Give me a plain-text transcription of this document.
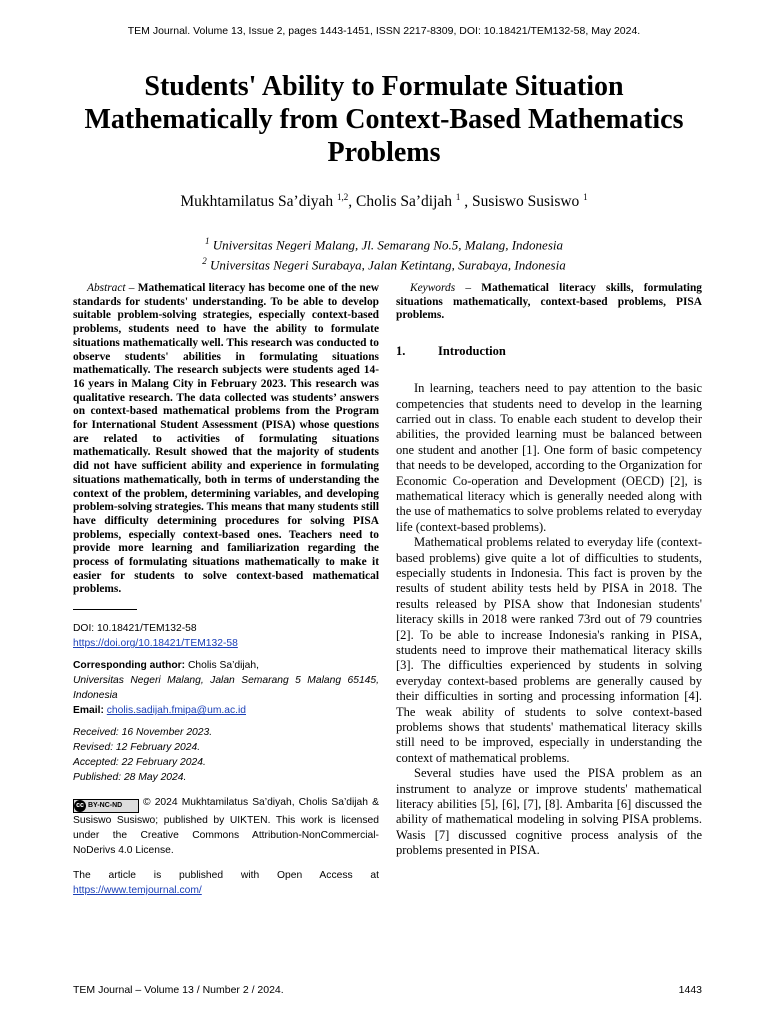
TEM Journal. Volume 13, Issue 2, pages 1443-1451, ISSN 2217-8309, DOI: 10.18421/TEM132-58, May 2024.
Students' Ability to Formulate Situation Mathematically from Context-Based Mathematics Problems
Mukhtamilatus Sa’diyah $^{1,2}$, Cholis Sa’dijah $^1$ , Susiswo Susiswo $^1$
$^1$ Universitas Negeri Malang, Jl. Semarang No.5, Malang, Indonesia
$^2$ Universitas Negeri Surabaya, Jalan Ketintang, Surabaya, Indonesia

Abstract – Mathematical literacy has become one of the new standards for students' understanding. To be able to develop suitable problem-solving strategies, especially context-based problems, students need to have the ability to formulate situations mathematically well. This research was conducted to observe students' abilities in formulating situations mathematically. The research subjects were students aged 14-16 years in Malang City in February 2023. This research was qualitative research. The data collected was students’ answers on context-based mathematical problems from the Program for International Student Assessment (PISA) whose questions are related to activities of formulating situations mathematically. Result showed that the majority of students did not have sufficient ability and experience in formulating situations mathematically, both in terms of understanding the context of the problem, determining variables, and developing problem-solving strategies. This means that many students still have difficulty determining procedures for solving PISA problems, especially context-based ones. Teachers need to provide more learning and familiarization regarding the process of formulating situations mathematically to make it easier for students to solve context-based mathematical problems.

DOI: 10.18421/TEM132-58
https://doi.org/10.18421/TEM132-58
Corresponding author: Cholis Sa’dijah,
Universitas Negeri Malang, Jalan Semarang 5 Malang 65145, Indonesia
Email: cholis.sadijah.fmipa@um.ac.id
Received: 16 November 2023.
Revised: 12 February 2024.
Accepted: 22 February 2024.
Published: 28 May 2024.

cc BY-NC-ND © 2024 Mukhtamilatus Sa’diyah, Cholis Sa’dijah & Susiswo Susiswo; published by UIKTEN. This work is licensed under the Creative Commons Attribution-NonCommercial-NoDerivs 4.0 License.

The article is published with Open Access at https://www.temjournal.com/

Keywords – Mathematical literacy skills, formulating situations mathematically, context-based problems, PISA problems.

1.	Introduction

In learning, teachers need to pay attention to the basic competencies that students need to develop in the learning carried out in class. To enable each student to develop their abilities, the provided learning must be balanced between one student and another [1]. One form of basic competency that needs to be developed, according to the Organization for Economic Co-operation and Development (OECD) [2], is mathematical literacy which is generally needed along with the use of mathematics to solve problems related to everyday life (context-based problems).

Mathematical problems related to everyday life (context-based problems) give quite a lot of difficulties to students, especially students in Indonesia. This fact is proven by the results of student ability tests held by PISA in 2018. The results released by PISA show that Indonesian students' literacy skills in 2018 were ranked 73rd out of 79 countries [2]. To be able to increase Indonesia's ranking in PISA, students need to improve their mathematical literacy skills [3]. The difficulties experienced by students in solving everyday context-based problems are generally caused by their difficulties in sorting and processing information [4]. The weak ability of students to solve context-based problems shows that students' mathematical literacy skills still need to be improved, especially in understanding the context of mathematical problems.

Several studies have used the PISA problem as an instrument to analyze or improve students' mathematical literacy abilities [5], [6], [7], [8]. Ambarita [6] discussed the ability of mathematical modeling in solving PISA problems. Wasis [7] discussed cognitive process analysis of the problems presented in PISA.

TEM Journal – Volume 13 / Number 2 / 2024.	1443
